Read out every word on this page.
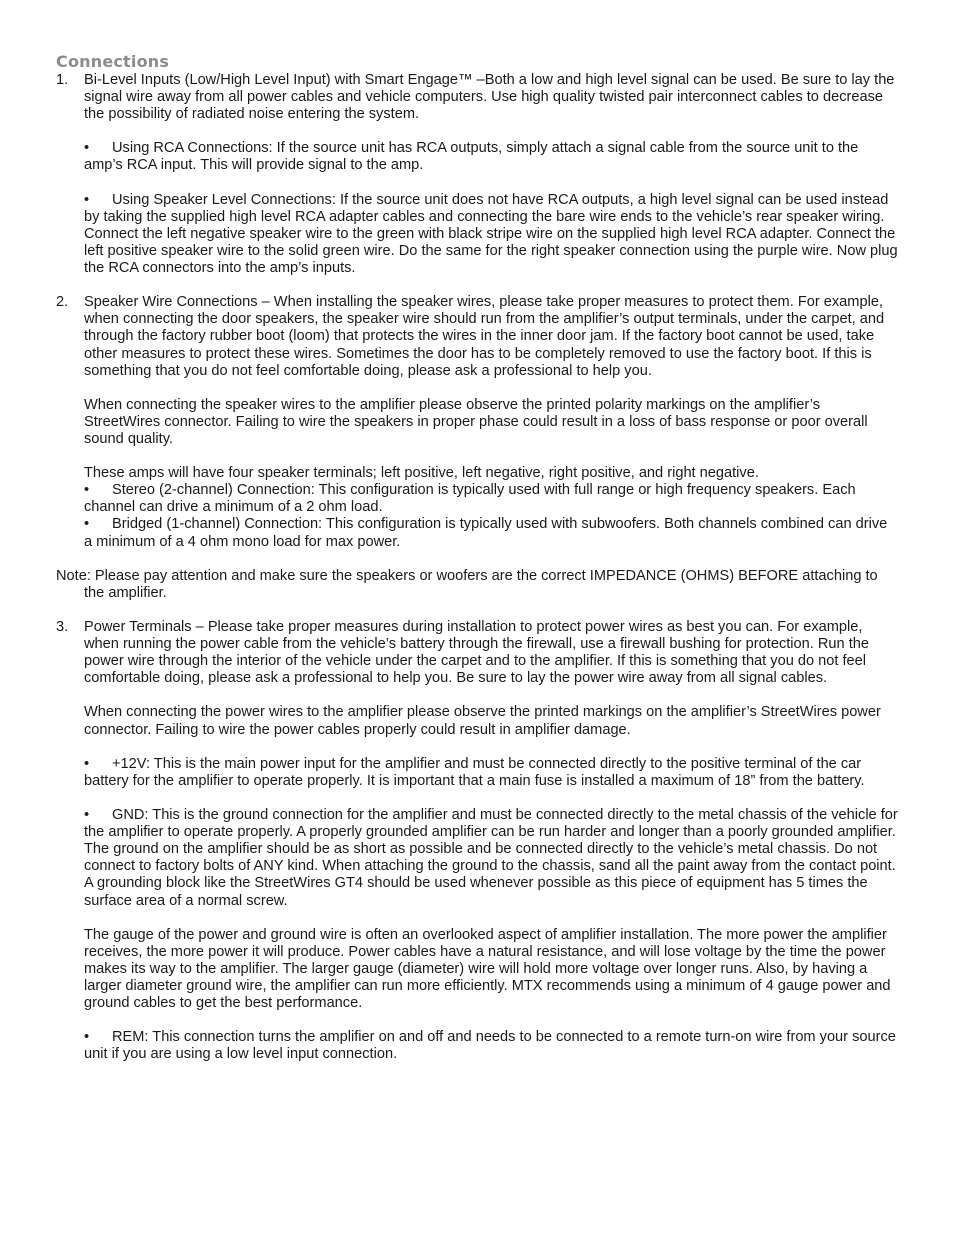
Connections
1. Bi-Level Inputs (Low/High Level Input) with Smart Engage™ –Both a low and high level signal can be used. Be sure to lay the signal wire away from all power cables and vehicle computers. Use high quality twisted pair interconnect cables to decrease the possibility of radiated noise entering the system.

• Using RCA Connections: If the source unit has RCA outputs, simply attach a signal cable from the source unit to the amp’s RCA input. This will provide signal to the amp.

• Using Speaker Level Connections: If the source unit does not have RCA outputs, a high level signal can be used instead by taking the supplied high level RCA adapter cables and connecting the bare wire ends to the vehicle’s rear speaker wiring. Connect the left negative speaker wire to the green with black stripe wire on the supplied high level RCA adapter. Connect the left positive speaker wire to the solid green wire. Do the same for the right speaker connection using the purple wire. Now plug the RCA connectors into the amp’s inputs.

2. Speaker Wire Connections – When installing the speaker wires, please take proper measures to protect them. For example, when connecting the door speakers, the speaker wire should run from the amplifier’s output terminals, under the carpet, and through the factory rubber boot (loom) that protects the wires in the inner door jam. If the factory boot cannot be used, take other measures to protect these wires. Sometimes the door has to be completely removed to use the factory boot. If this is something that you do not feel comfortable doing, please ask a professional to help you.

When connecting the speaker wires to the amplifier please observe the printed polarity markings on the amplifier’s StreetWires connector. Failing to wire the speakers in proper phase could result in a loss of bass response or poor overall sound quality.

These amps will have four speaker terminals; left positive, left negative, right positive, and right negative.

• Stereo (2-channel) Connection: This configuration is typically used with full range or high frequency speakers. Each channel can drive a minimum of a 2 ohm load.

• Bridged (1-channel) Connection: This configuration is typically used with subwoofers. Both channels combined can drive a minimum of a 4 ohm mono load for max power.

Note: Please pay attention and make sure the speakers or woofers are the correct IMPEDANCE (OHMS) BEFORE attaching to the amplifier.

3. Power Terminals – Please take proper measures during installation to protect power wires as best you can. For example, when running the power cable from the vehicle’s battery through the firewall, use a firewall bushing for protection. Run the power wire through the interior of the vehicle under the carpet and to the amplifier. If this is something that you do not feel comfortable doing, please ask a professional to help you. Be sure to lay the power wire away from all signal cables.

When connecting the power wires to the amplifier please observe the printed markings on the amplifier’s StreetWires power connector. Failing to wire the power cables properly could result in amplifier damage.

• +12V: This is the main power input for the amplifier and must be connected directly to the positive terminal of the car battery for the amplifier to operate properly. It is important that a main fuse is installed a maximum of 18” from the battery.

• GND: This is the ground connection for the amplifier and must be connected directly to the metal chassis of the vehicle for the amplifier to operate properly. A properly grounded amplifier can be run harder and longer than a poorly grounded amplifier. The ground on the amplifier should be as short as possible and be connected directly to the vehicle’s metal chassis. Do not connect to factory bolts of ANY kind. When attaching the ground to the chassis, sand all the paint away from the contact point. A grounding block like the StreetWires GT4 should be used whenever possible as this piece of equipment has 5 times the surface area of a normal screw.

The gauge of the power and ground wire is often an overlooked aspect of amplifier installation. The more power the amplifier receives, the more power it will produce. Power cables have a natural resistance, and will lose voltage by the time the power makes its way to the amplifier. The larger gauge (diameter) wire will hold more voltage over longer runs. Also, by having a larger diameter ground wire, the amplifier can run more efficiently. MTX recommends using a minimum of 4 gauge power and ground cables to get the best performance.

• REM: This connection turns the amplifier on and off and needs to be connected to a remote turn-on wire from your source unit if you are using a low level input connection.
